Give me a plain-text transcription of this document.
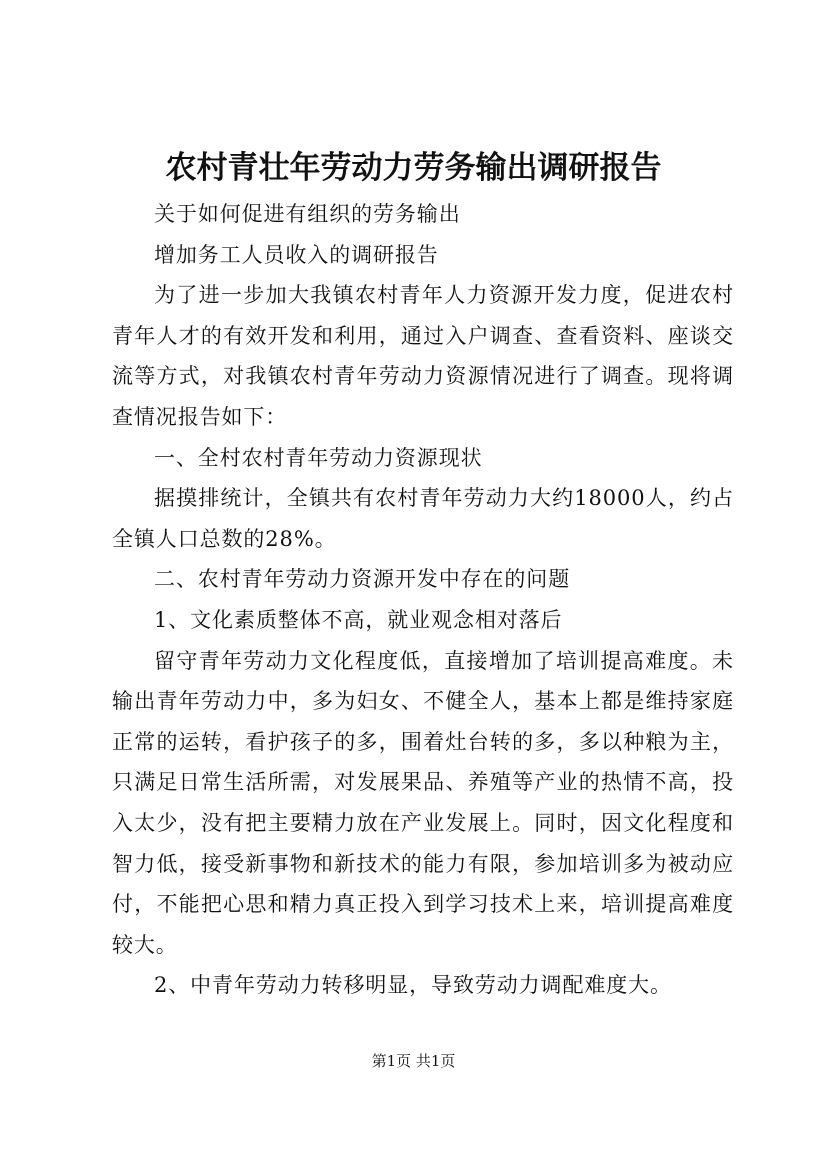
农村青壮年劳动力劳务输出调研报告

关于如何促进有组织的劳务输出

增加务工人员收入的调研报告

为了进一步加大我镇农村青年人力资源开发力度，促进农村青年人才的有效开发和利用，通过入户调查、查看资料、座谈交流等方式，对我镇农村青年劳动力资源情况进行了调查。现将调查情况报告如下：

一、全村农村青年劳动力资源现状

据摸排统计，全镇共有农村青年劳动力大约18000人，约占全镇人口总数的28%。

二、农村青年劳动力资源开发中存在的问题

1、文化素质整体不高，就业观念相对落后

留守青年劳动力文化程度低，直接增加了培训提高难度。未输出青年劳动力中，多为妇女、不健全人，基本上都是维持家庭正常的运转，看护孩子的多，围着灶台转的多，多以种粮为主，只满足日常生活所需，对发展果品、养殖等产业的热情不高，投入太少，没有把主要精力放在产业发展上。同时，因文化程度和智力低，接受新事物和新技术的能力有限，参加培训多为被动应付，不能把心思和精力真正投入到学习技术上来，培训提高难度较大。

2、中青年劳动力转移明显，导致劳动力调配难度大。

第1页 共1页
